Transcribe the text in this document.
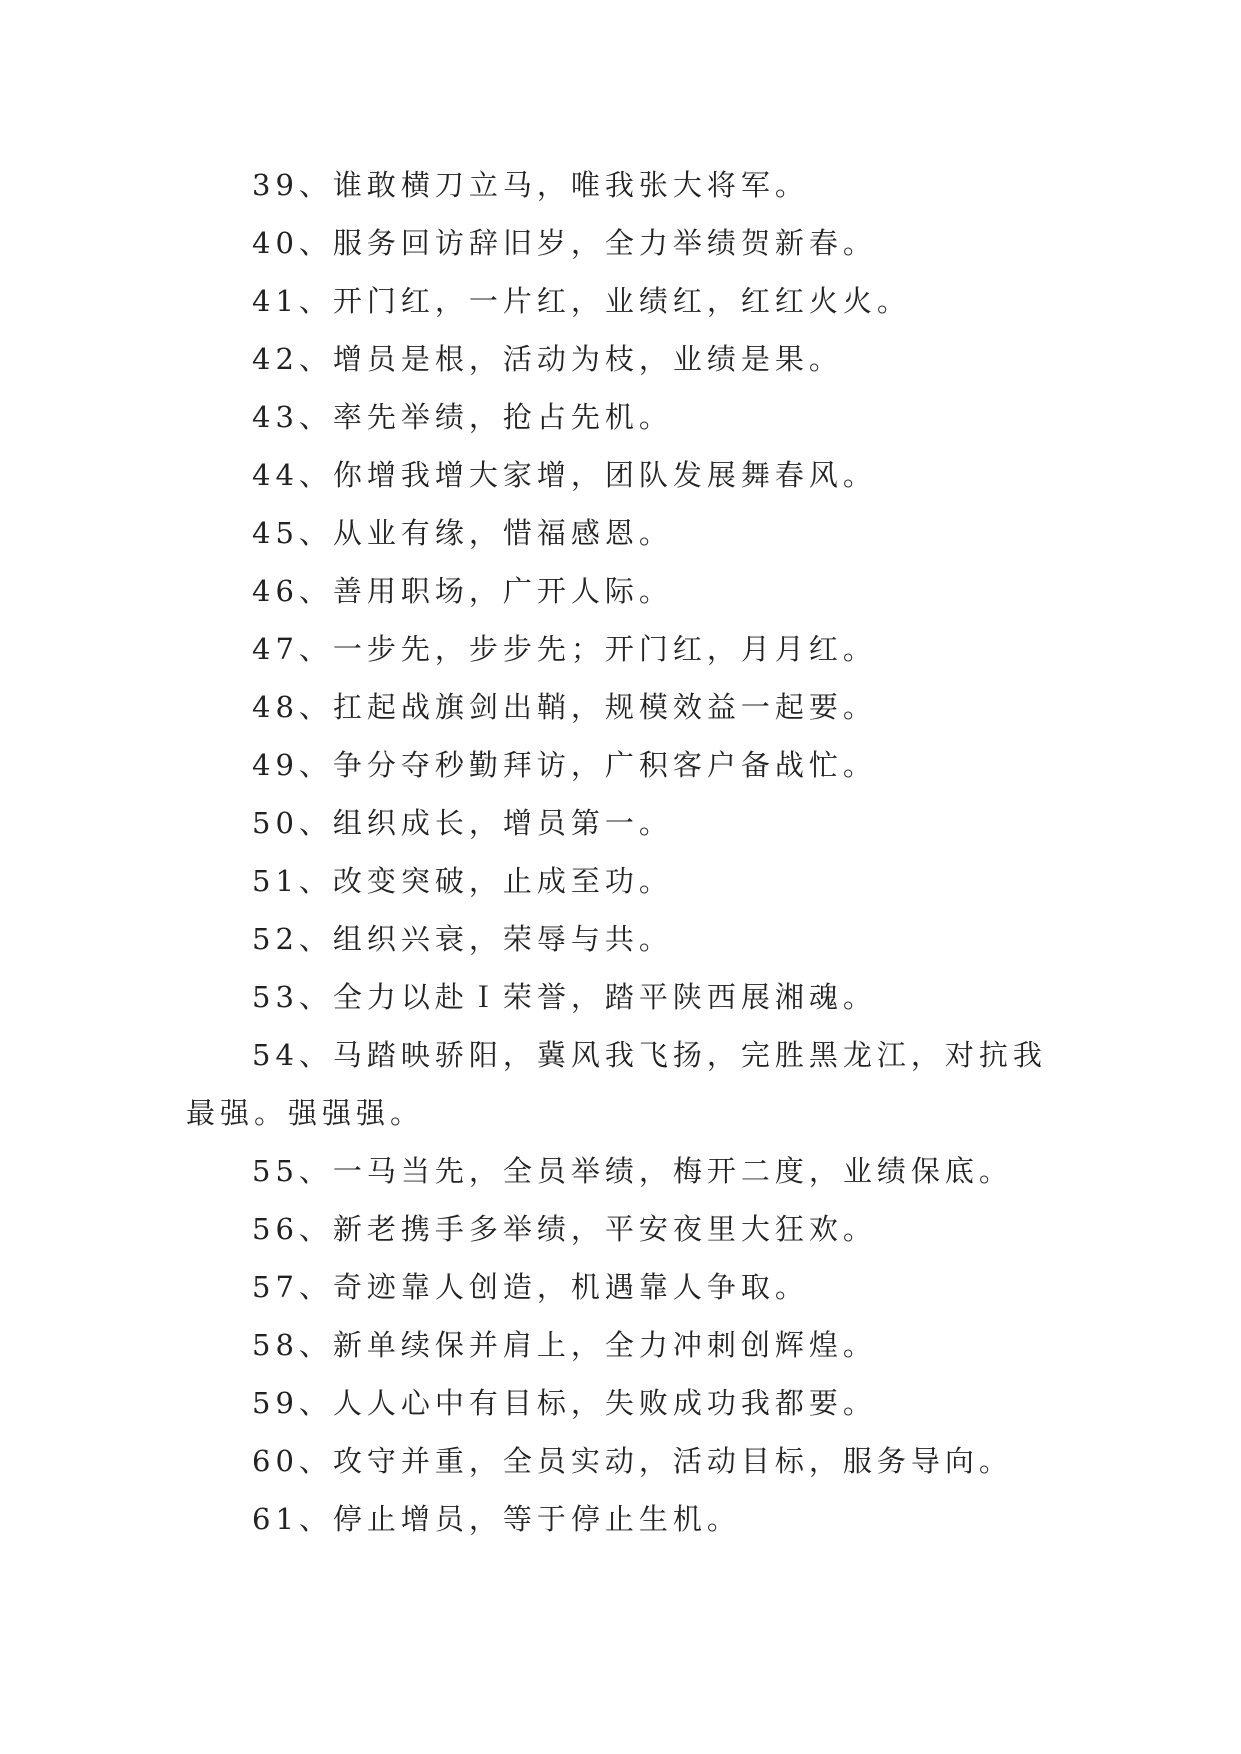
39、谁敢横刀立马，唯我张大将军。

40、服务回访辞旧岁，全力举绩贺新春。

41、开门红，一片红，业绩红，红红火火。

42、增员是根，活动为枝，业绩是果。

43、率先举绩，抢占先机。

44、你增我增大家增，团队发展舞春风。

45、从业有缘，惜福感恩。

46、善用职场，广开人际。

47、一步先，步步先；开门红，月月红。

48、扛起战旗剑出鞘，规模效益一起要。

49、争分夺秒勤拜访，广积客户备战忙。

50、组织成长，增员第一。

51、改变突破，止成至功。

52、组织兴衰，荣辱与共。

53、全力以赴Ｉ荣誉，踏平陕西展湘魂。

54、马踏映骄阳，冀风我飞扬，完胜黑龙江，对抗我最强。强强强。

55、一马当先，全员举绩，梅开二度，业绩保底。

56、新老携手多举绩，平安夜里大狂欢。

57、奇迹靠人创造，机遇靠人争取。

58、新单续保并肩上，全力冲刺创辉煌。

59、人人心中有目标，失败成功我都要。

60、攻守并重，全员实动，活动目标，服务导向。

61、停止增员，等于停止生机。
